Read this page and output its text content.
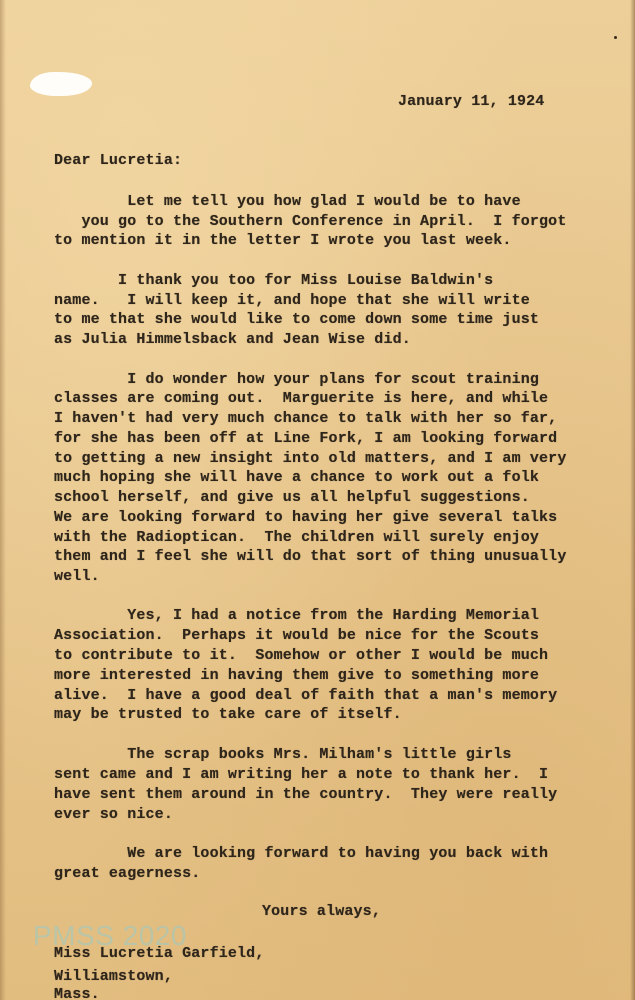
January 11, 1924
Dear Lucretia:
Let me tell you how glad I would be to have
you go to the Southern Conference in April.  I forgot
to mention it in the letter I wrote you last week.
I thank you too for Miss Louise Baldwin's
name.   I will keep it, and hope that she will write
to me that she would like to come down some time just
as Julia Himmelsback and Jean Wise did.
I do wonder how your plans for scout training
classes are coming out.  Marguerite is here, and while
I haven't had very much chance to talk with her so far,
for she has been off at Line Fork, I am looking forward
to getting a new insight into old matters, and I am very
much hoping she will have a chance to work out a folk
school herself, and give us all helpful suggestions.
We are looking forward to having her give several talks
with the Radioptican.  The children will surely enjoy
them and I feel she will do that sort of thing unusually
well.
Yes, I had a notice from the Harding Memorial
Association.  Perhaps it would be nice for the Scouts
to contribute to it.  Somehow or other I would be much
more interested in having them give to something more
alive.  I have a good deal of faith that a man's memory
may be trusted to take care of itself.
The scrap books Mrs. Milham's little girls
sent came and I am writing her a note to thank her.  I
have sent them around in the country.  They were really
ever so nice.
We are looking forward to having you back with
great eagerness.
Yours always,
Miss Lucretia Garfield,
Williamstown,
Mass.
PMSS 2020
